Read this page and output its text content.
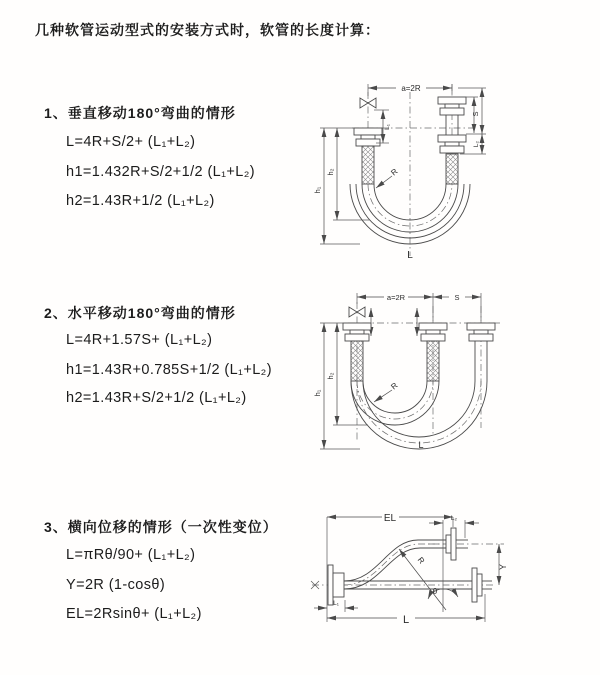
几种软管运动型式的安装方式时，软管的长度计算：
1、垂直移动180°弯曲的情形
L=4R+S/2+ (L₁+L₂)
h1=1.432R+S/2+1/2 (L₁+L₂)
h2=1.43R+1/2 (L₁+L₂)
2、水平移动180°弯曲的情形
L=4R+1.57S+ (L₁+L₂)
h1=1.43R+0.785S+1/2 (L₁+L₂)
h2=1.43R+S/2+1/2 (L₁+L₂)
3、横向位移的情形（一次性变位）
L=πRθ/90+ (L₁+L₂)
Y=2R (1-cosθ)
EL=2Rsinθ+ (L₁+L₂)
a=2R
h₁
h₂
L₁
S
L₂
R
L
a=2R	S
h₁
h₂
R
L
EL	L₂
R
θ
Y
L₁
L
